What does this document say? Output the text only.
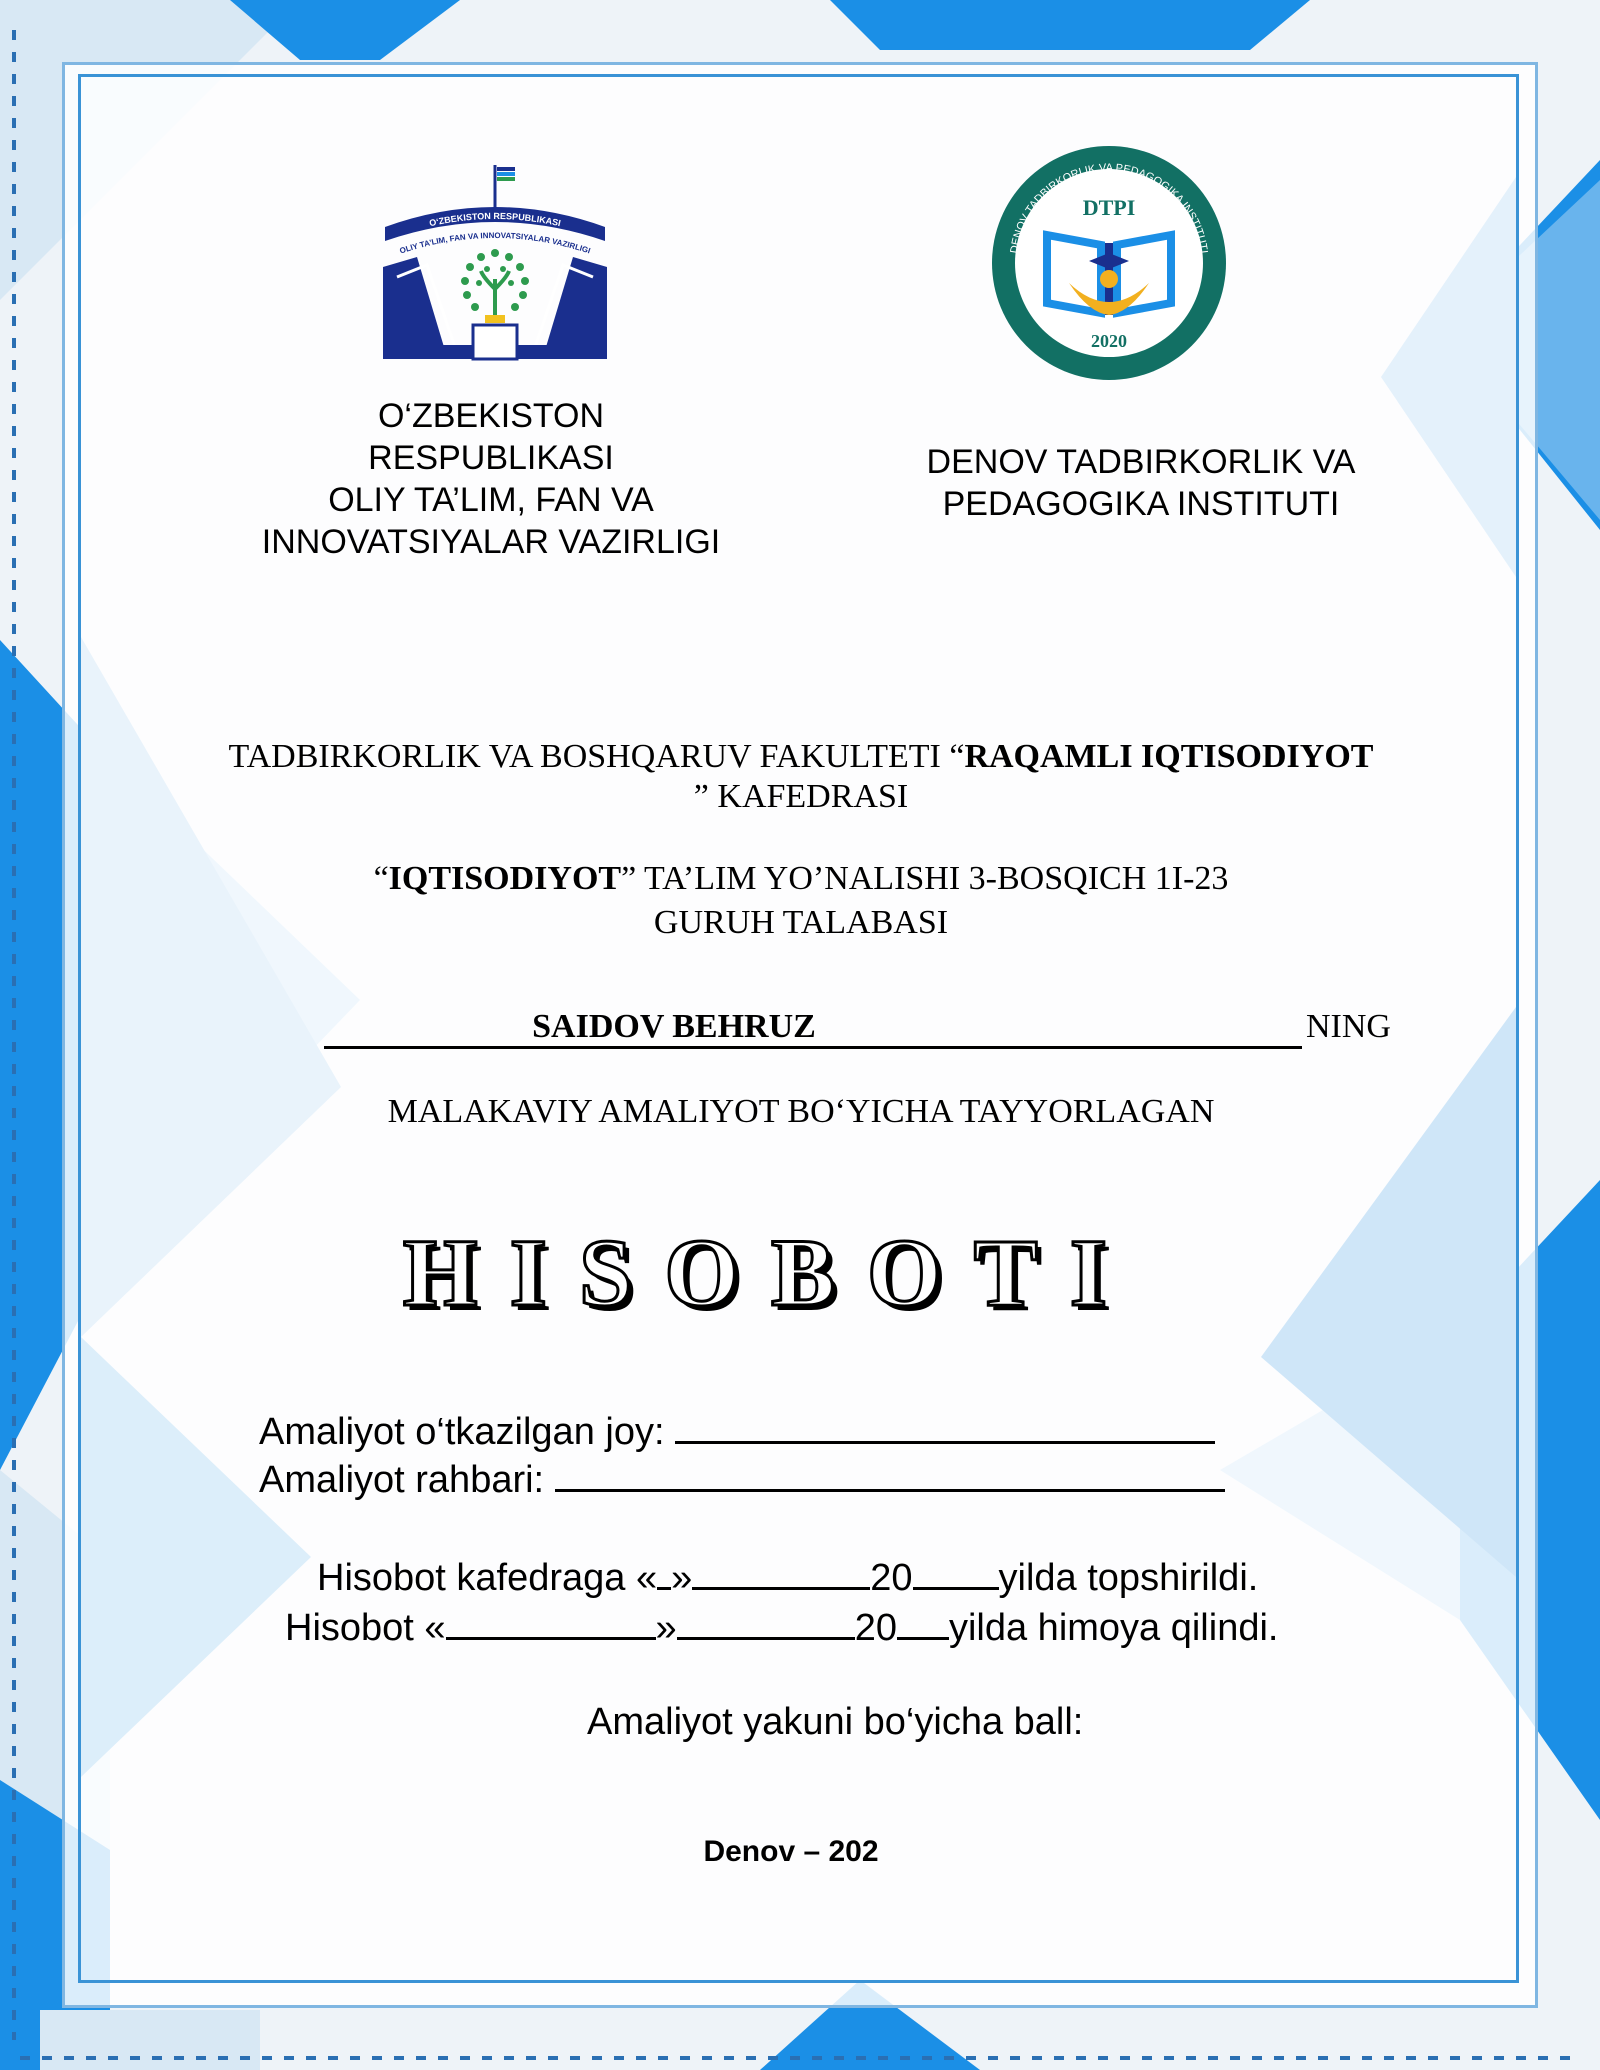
O‘ZBEKISTON RESPUBLIKASI
OLIY TA’LIM, FAN VA INNOVATSIYALAR VAZIRLIGI	DENOV TADBIRKORLIK VA PEDAGOGIKA INSTITUTI
DTPI
2020
O‘ZBEKISTON RESPUBLIKASI
OLIY TA’LIM, FAN VA
INNOVATSIYALAR VAZIRLIGI
DENOV TADBIRKORLIK VA
PEDAGOGIKA INSTITUTI
TADBIRKORLIK VA BOSHQARUV FAKULTETI “RAQAMLI IQTISODIYOT
” KAFEDRASI
“IQTISODIYOT” TA’LIM YO’NALISHI 3-BOSQICH 1I-23
GURUH TALABASI
SAIDOV BEHRUZ	NING
MALAKAVIY AMALIYOT BO‘YICHA TAYYORLAGAN
HISOBOTI
Amaliyot o‘tkazilgan joy:
Amaliyot rahbari:
Hisobot kafedraga « »	20 yilda topshirildi.
Hisobot «	»	20 yilda himoya qilindi.
Amaliyot yakuni bo‘yicha ball:
Denov – 202
